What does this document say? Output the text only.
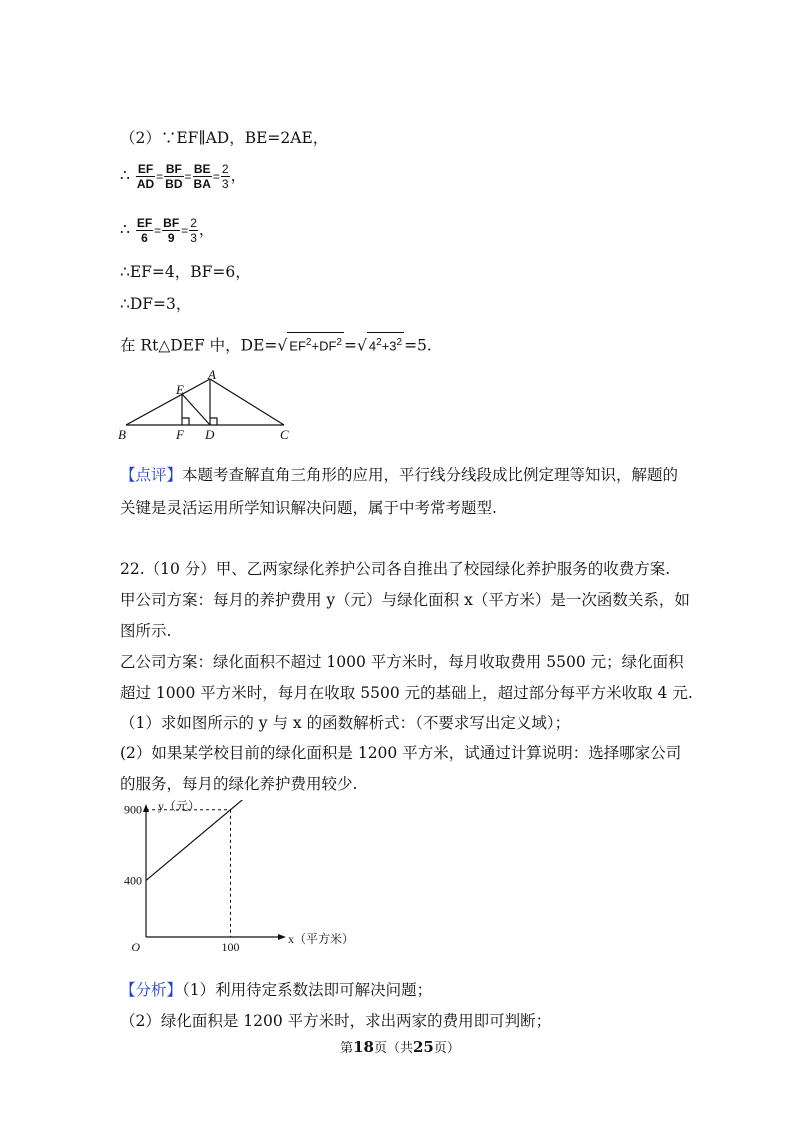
（2）∵EF∥AD，BE=2AE，
∴ $\frac{EF}{AD} = \frac{BF}{BD} = \frac{BE}{BA} = \frac{2}{3}$ ，
∴ $\frac{EF}{6} = \frac{BF}{9} = \frac{2}{3}$ ，
∴EF=4，BF=6，
∴DF=3，
在 Rt△DEF 中，DE=√ $EF^2+DF^2$ =√ $4^2+3^2 =5$.
A
E
B	F D	C
【点评】本题考查解直角三角形的应用，平行线分线段成比例定理等知识，解题的
关键是灵活运用所学知识解决问题，属于中考常考题型.
22.（10 分）甲、乙两家绿化养护公司各自推出了校园绿化养护服务的收费方案.
甲公司方案：每月的养护费用 y（元）与绿化面积 x（平方米）是一次函数关系，如
图所示.
乙公司方案：绿化面积不超过 1000 平方米时，每月收取费用 5500 元；绿化面积
超过 1000 平方米时，每月在收取 5500 元的基础上，超过部分每平方米收取 4 元.
（1）求如图所示的 y 与 x 的函数解析式：（不要求写出定义域）；
(2）如果某学校目前的绿化面积是 1200 平方米，试通过计算说明：选择哪家公司
的服务，每月的绿化养护费用较少.
900
400
100
O
y（元）
x（平方米）
【分析】（1）利用待定系数法即可解决问题；
（2）绿化面积是 1200 平方米时，求出两家的费用即可判断；
第18页（共25页）
